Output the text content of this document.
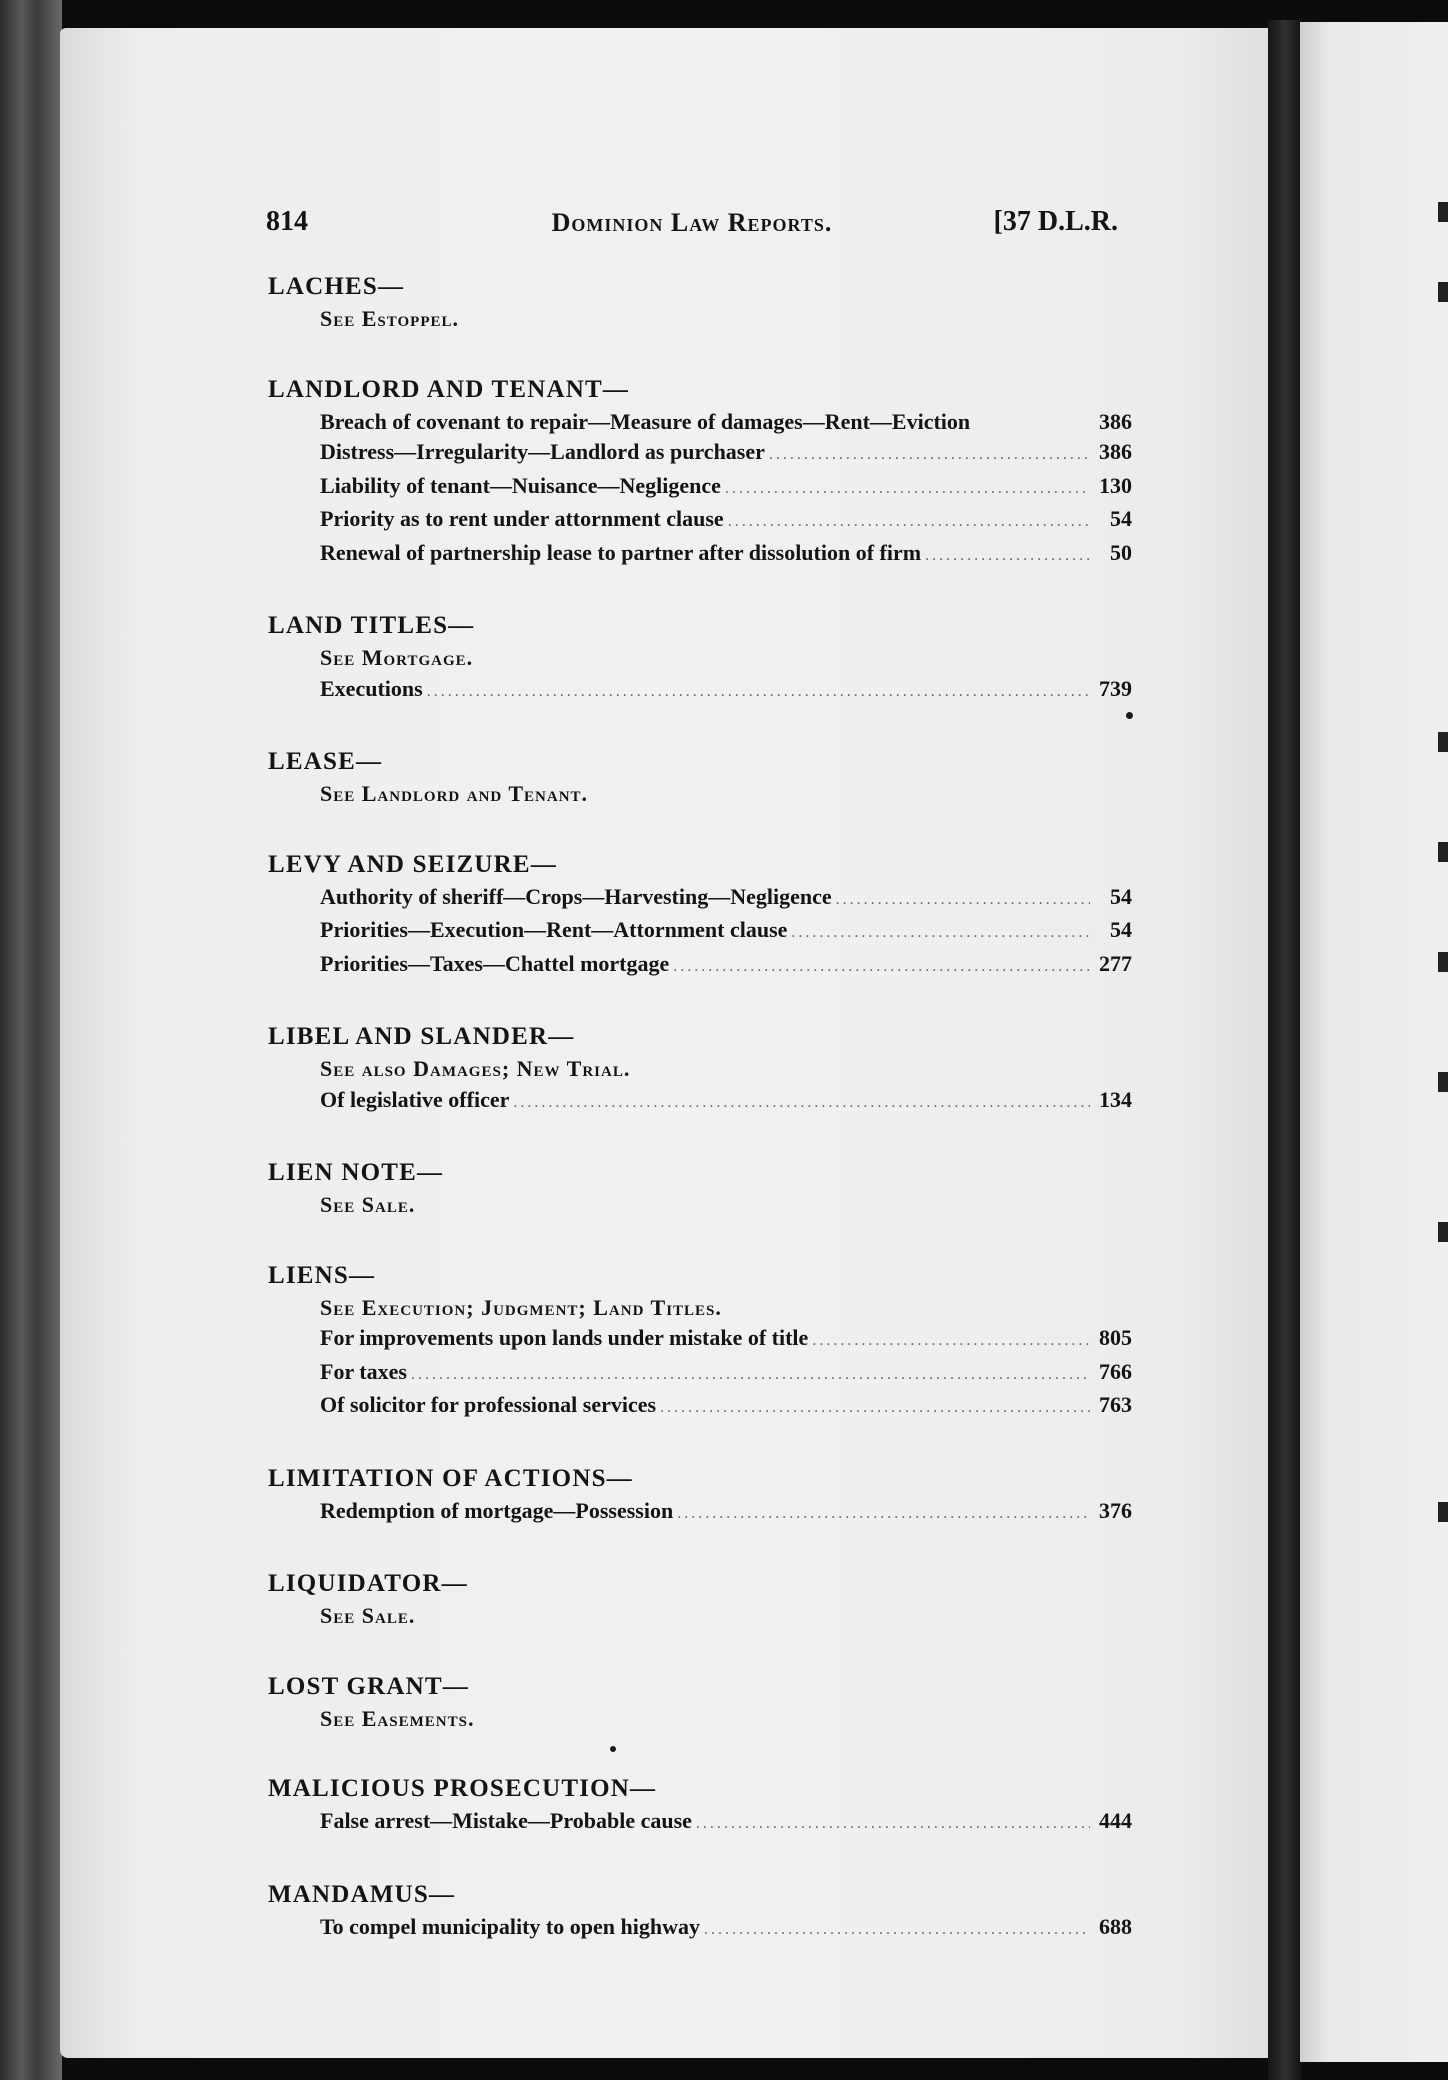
814	Dominion Law Reports.	[37 D.L.R.
LACHES—
See Estoppel.
LANDLORD AND TENANT—
Breach of covenant to repair—Measure of damages—Rent—Eviction	386
Distress—Irregularity—Landlord as purchaser .....	386
Liability of tenant—Nuisance—Negligence .....	130
Priority as to rent under attornment clause .....	54
Renewal of partnership lease to partner after dissolution of firm .....	50
LAND TITLES—
See Mortgage.
Executions .....	739
LEASE—
See Landlord and Tenant.
LEVY AND SEIZURE—
Authority of sheriff—Crops—Harvesting—Negligence .....	54
Priorities—Execution—Rent—Attornment clause .....	54
Priorities—Taxes—Chattel mortgage .....	277
LIBEL AND SLANDER—
See also Damages; New Trial.
Of legislative officer .....	134
LIEN NOTE—
See Sale.
LIENS—
See Execution; Judgment; Land Titles.
For improvements upon lands under mistake of title .....	805
For taxes .....	766
Of solicitor for professional services .....	763
LIMITATION OF ACTIONS—
Redemption of mortgage—Possession .....	376
LIQUIDATOR—
See Sale.
LOST GRANT—
See Easements.
MALICIOUS PROSECUTION—
False arrest—Mistake—Probable cause .....	444
MANDAMUS—
To compel municipality to open highway .....	688
